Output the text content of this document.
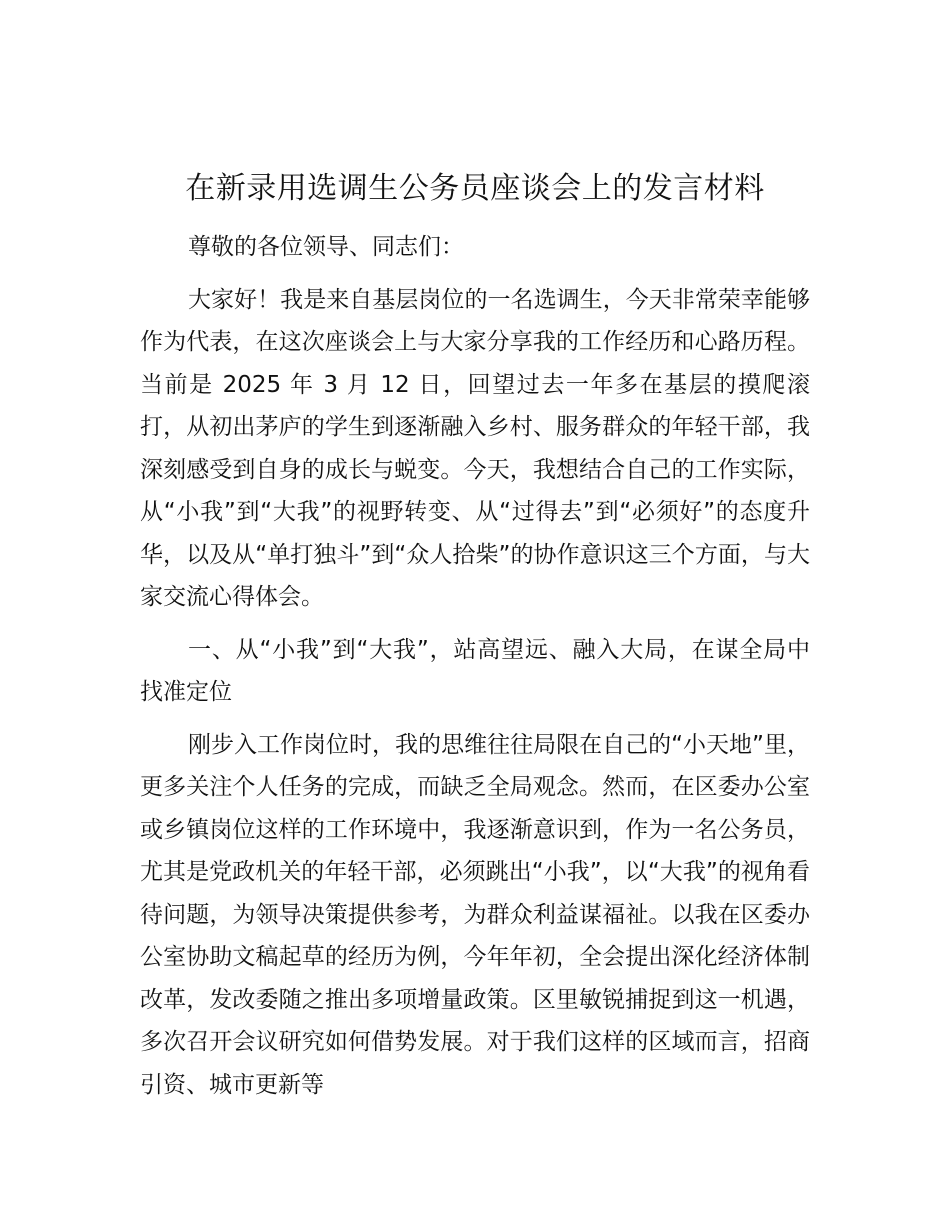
在新录用选调生公务员座谈会上的发言材料

尊敬的各位领导、同志们：

大家好！我是来自基层岗位的一名选调生，今天非常荣幸能够作为代表，在这次座谈会上与大家分享我的工作经历和心路历程。当前是 2025 年 3 月 12 日，回望过去一年多在基层的摸爬滚打，从初出茅庐的学生到逐渐融入乡村、服务群众的年轻干部，我深刻感受到自身的成长与蜕变。今天，我想结合自己的工作实际，从“小我”到“大我”的视野转变、从“过得去”到“必须好”的态度升华，以及从“单打独斗”到“众人拾柴”的协作意识这三个方面，与大家交流心得体会。

一、从“小我”到“大我”，站高望远、融入大局，在谋全局中找准定位

刚步入工作岗位时，我的思维往往局限在自己的“小天地”里，更多关注个人任务的完成，而缺乏全局观念。然而，在区委办公室或乡镇岗位这样的工作环境中，我逐渐意识到，作为一名公务员，尤其是党政机关的年轻干部，必须跳出“小我”，以“大我”的视角看待问题，为领导决策提供参考，为群众利益谋福祉。以我在区委办公室协助文稿起草的经历为例，今年年初，全会提出深化经济体制改革，发改委随之推出多项增量政策。区里敏锐捕捉到这一机遇，多次召开会议研究如何借势发展。对于我们这样的区域而言，招商引资、城市更新等
